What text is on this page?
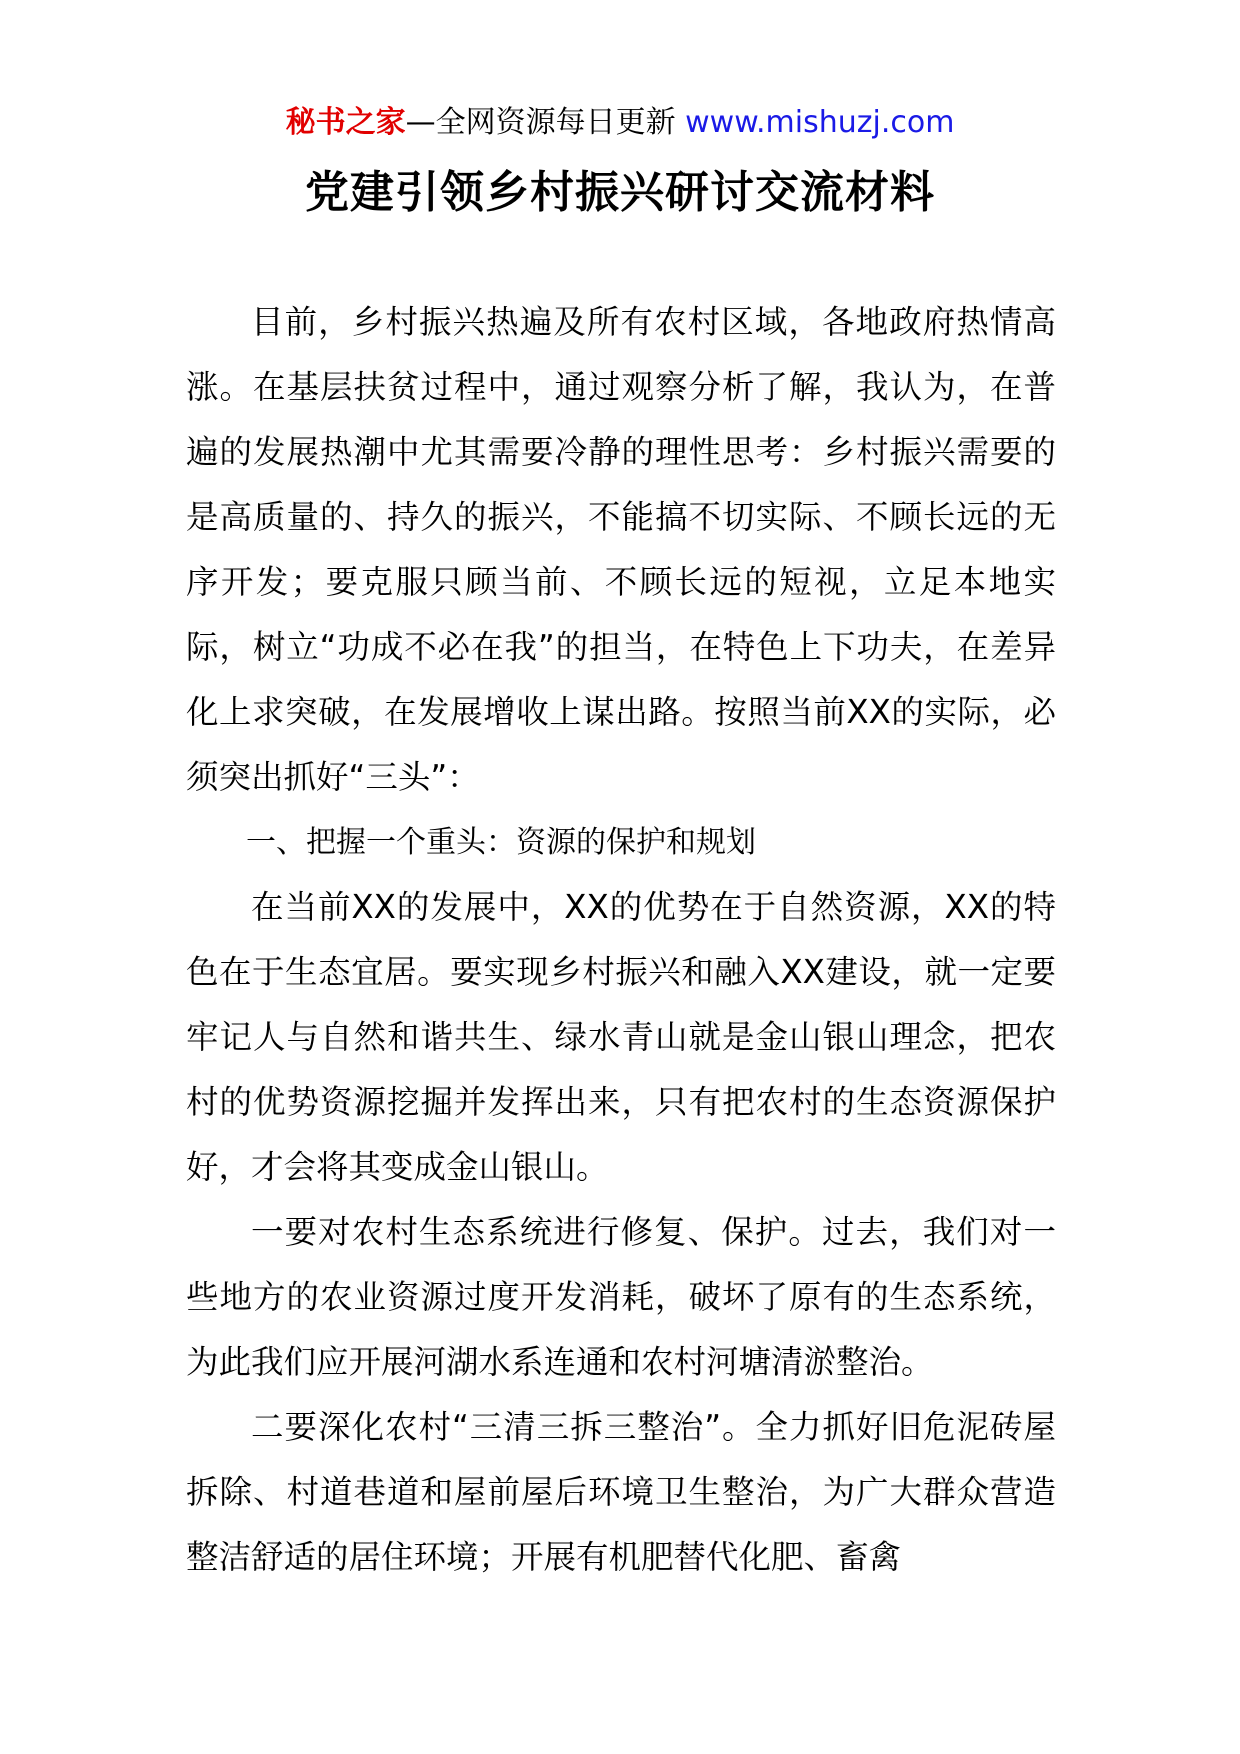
秘书之家—全网资源每日更新 www.mishuzj.com
党建引领乡村振兴研讨交流材料

目前，乡村振兴热遍及所有农村区域，各地政府热情高涨。在基层扶贫过程中，通过观察分析了解，我认为，在普遍的发展热潮中尤其需要冷静的理性思考：乡村振兴需要的是高质量的、持久的振兴，不能搞不切实际、不顾长远的无序开发；要克服只顾当前、不顾长远的短视，立足本地实际，树立“功成不必在我”的担当，在特色上下功夫，在差异化上求突破，在发展增收上谋出路。按照当前XX的实际，必须突出抓好“三头”：

一、把握一个重头：资源的保护和规划

在当前XX的发展中，XX的优势在于自然资源，XX的特色在于生态宜居。要实现乡村振兴和融入XX建设，就一定要牢记人与自然和谐共生、绿水青山就是金山银山理念，把农村的优势资源挖掘并发挥出来，只有把农村的生态资源保护好，才会将其变成金山银山。

一要对农村生态系统进行修复、保护。过去，我们对一些地方的农业资源过度开发消耗，破坏了原有的生态系统，为此我们应开展河湖水系连通和农村河塘清淤整治。

二要深化农村“三清三拆三整治”。全力抓好旧危泥砖屋拆除、村道巷道和屋前屋后环境卫生整治，为广大群众营造整洁舒适的居住环境；开展有机肥替代化肥、畜禽
